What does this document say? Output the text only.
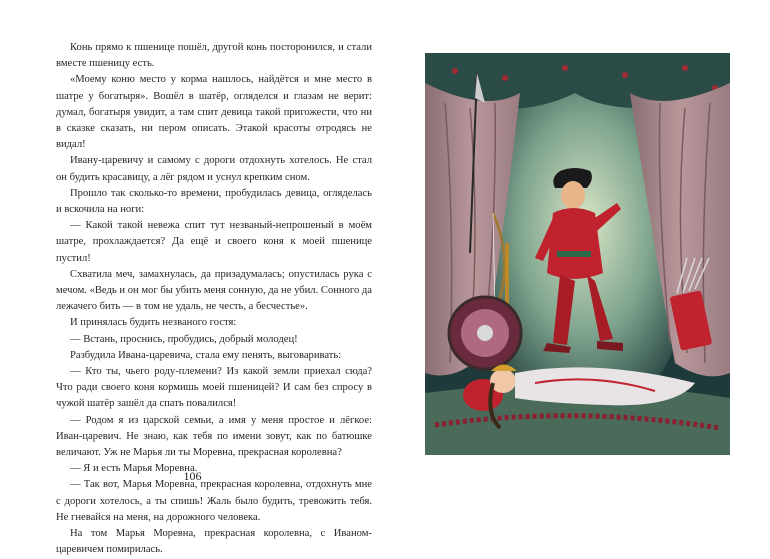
Конь прямо к пшенице пошёл, другой конь посторонился, и стали вместе пшеницу есть.

«Моему коню место у корма нашлось, найдётся и мне место в шатре у богатыря». Вошёл в шатёр, огляделся и глазам не верит: думал, богатыря увидит, а там спит девица такой пригожести, что ни в сказке сказать, ни пером описать. Этакой красоты отродясь не видал!

Ивану-царевичу и самому с дороги отдохнуть хотелось. Не стал он будить красавицу, а лёг рядом и уснул крепким сном.

Прошло так сколько-то времени, пробудилась девица, огляделась и вскочила на ноги:

— Какой такой невежа спит тут незваный-непрошеный в моём шатре, прохлаждается? Да ещё и своего коня к моей пшенице пустил!

Схватила меч, замахнулась, да призадумалась; опустилась рука с мечом. «Ведь и он мог бы убить меня сонную, да не убил. Сонного да лежачего бить — в том не удаль, не честь, а бесчестье».

И принялась будить незваного гостя:

— Встань, проснись, пробудись, добрый молодец!

Разбудила Ивана-царевича, стала ему пенять, выговаривать:

— Кто ты, чьего роду-племени? Из какой земли приехал сюда? Что ради своего коня кормишь моей пшеницей? И сам без спросу в чужой шатёр зашёл да спать повалился!

— Родом я из царской семьи, а имя у меня простое и лёгкое: Иван-царевич. Не знаю, как тебя по имени зовут, как по батюшке величают. Уж не Марья ли ты Моревна, прекрасная королевна?

— Я и есть Марья Моревна.

— Так вот, Марья Моревна, прекрасная королевна, отдохнуть мне с дороги хотелось, а ты спишь! Жаль было будить, тревожить тебя. Не гневайся на меня, на дорожного человека.

На том Марья Моревна, прекрасная королевна, с Иваном-царевичем помирилась.

106
